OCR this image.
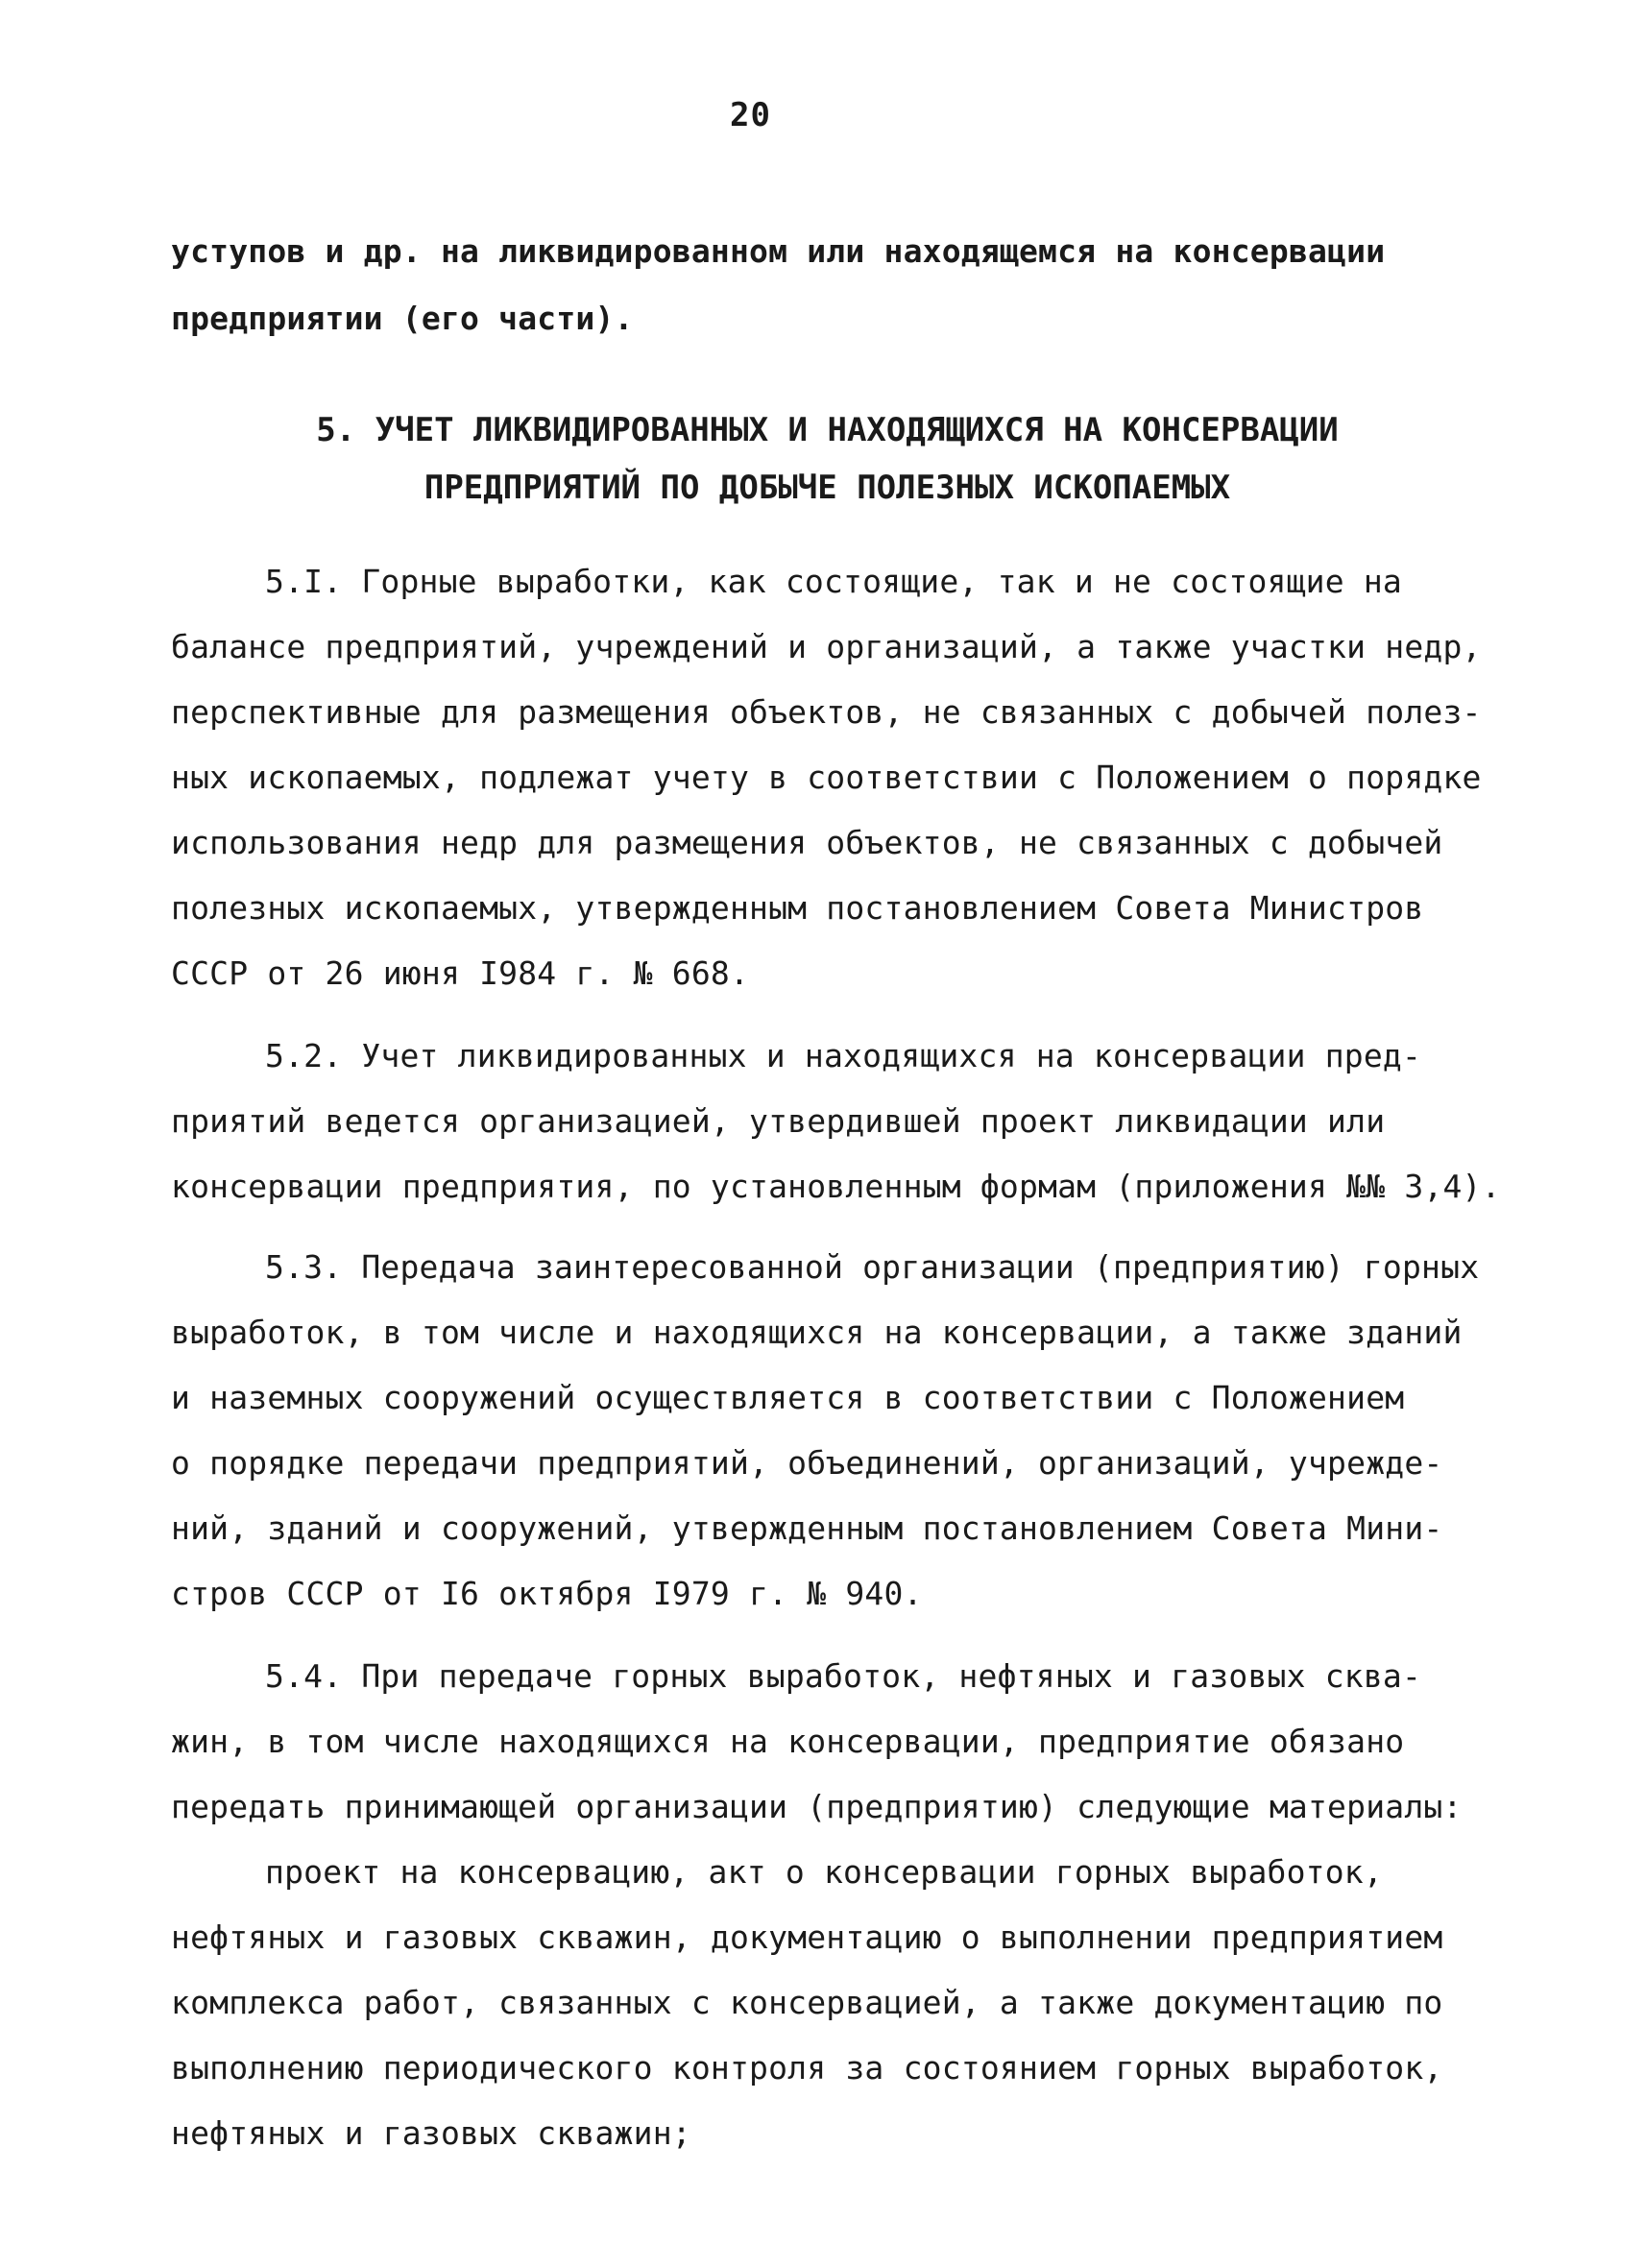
20
уступов и др. на ликвидированном или находящемся на консервации
предприятии (его части).
5. УЧЕТ ЛИКВИДИРОВАННЫХ И НАХОДЯЩИХСЯ НА КОНСЕРВАЦИИ
ПРЕДПРИЯТИЙ ПО ДОБЫЧЕ ПОЛЕЗНЫХ ИСКОПАЕМЫХ
5.I. Горные выработки, как состоящие, так и не состоящие на
балансе предприятий, учреждений и организаций, а также участки недр,
перспективные для размещения объектов, не связанных с добычей полез-
ных ископаемых, подлежат учету в соответствии с Положением о порядке
использования недр для размещения объектов, не связанных с добычей
полезных ископаемых, утвержденным постановлением Совета Министров
СССР от 26 июня I984 г. № 668.
5.2. Учет ликвидированных и находящихся на консервации пред-
приятий ведется организацией, утвердившей проект ликвидации или
консервации предприятия, по установленным формам (приложения №№ 3,4).
5.3. Передача заинтересованной организации (предприятию) горных
выработок, в том числе и находящихся на консервации, а также зданий
и наземных сооружений осуществляется в соответствии с Положением
о порядке передачи предприятий, объединений, организаций, учрежде-
ний, зданий и сооружений, утвержденным постановлением Совета Мини-
стров СССР от I6 октября I979 г. № 940.
5.4. При передаче горных выработок, нефтяных и газовых сква-
жин, в том числе находящихся на консервации, предприятие обязано
передать принимающей организации (предприятию) следующие материалы:
проект на консервацию, акт о консервации горных выработок,
нефтяных и газовых скважин, документацию о выполнении предприятием
комплекса работ, связанных с консервацией, а также документацию по
выполнению периодического контроля за состоянием горных выработок,
нефтяных и газовых скважин;
